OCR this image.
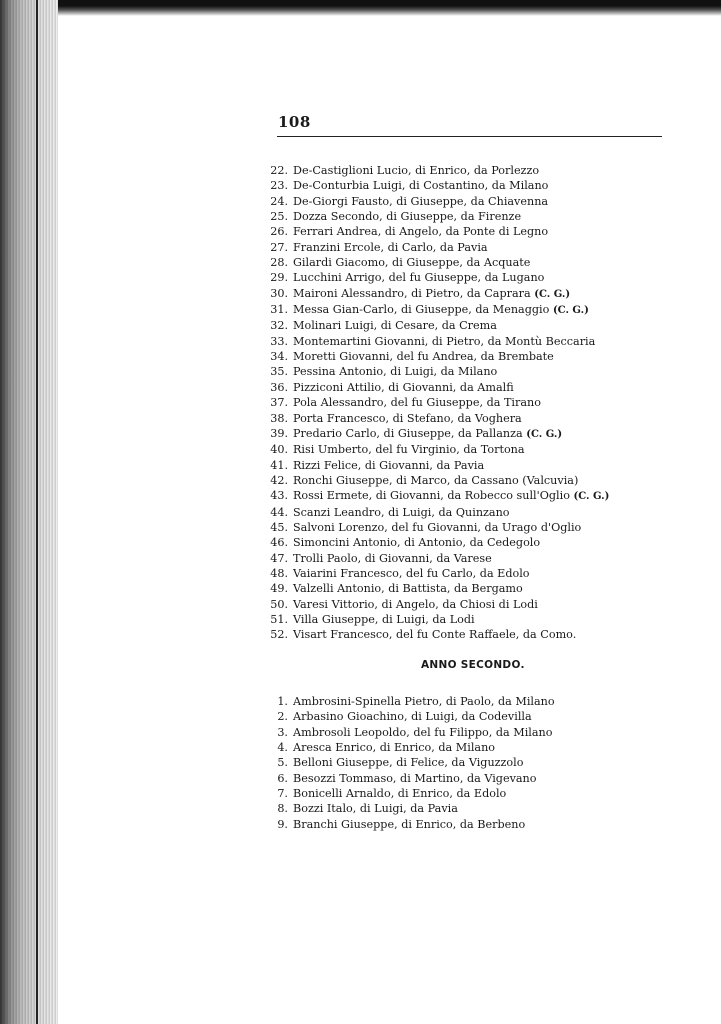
108
22. De-Castiglioni Lucio, di Enrico, da Porlezzo
23. De-Conturbia Luigi, di Costantino, da Milano
24. De-Giorgi Fausto, di Giuseppe, da Chiavenna
25. Dozza Secondo, di Giuseppe, da Firenze
26. Ferrari Andrea, di Angelo, da Ponte di Legno
27. Franzini Ercole, di Carlo, da Pavia
28. Gilardi Giacomo, di Giuseppe, da Acquate
29. Lucchini Arrigo, del fu Giuseppe, da Lugano
30. Maironi Alessandro, di Pietro, da Caprara (C. G.)
31. Messa Gian-Carlo, di Giuseppe, da Menaggio (C. G.)
32. Molinari Luigi, di Cesare, da Crema
33. Montemartini Giovanni, di Pietro, da Montù Beccaria
34. Moretti Giovanni, del fu Andrea, da Brembate
35. Pessina Antonio, di Luigi, da Milano
36. Pizziconi Attilio, di Giovanni, da Amalfi
37. Pola Alessandro, del fu Giuseppe, da Tirano
38. Porta Francesco, di Stefano, da Voghera
39. Predario Carlo, di Giuseppe, da Pallanza (C. G.)
40. Risi Umberto, del fu Virginio, da Tortona
41. Rizzi Felice, di Giovanni, da Pavia
42. Ronchi Giuseppe, di Marco, da Cassano (Valcuvia)
43. Rossi Ermete, di Giovanni, da Robecco sull'Oglio (C. G.)
44. Scanzi Leandro, di Luigi, da Quinzano
45. Salvoni Lorenzo, del fu Giovanni, da Urago d'Oglio
46. Simoncini Antonio, di Antonio, da Cedegolo
47. Trolli Paolo, di Giovanni, da Varese
48. Vaiarini Francesco, del fu Carlo, da Edolo
49. Valzelli Antonio, di Battista, da Bergamo
50. Varesi Vittorio, di Angelo, da Chiosi di Lodi
51. Villa Giuseppe, di Luigi, da Lodi
52. Visart Francesco, del fu Conte Raffaele, da Como.
ANNO SECONDO.
1. Ambrosini-Spinella Pietro, di Paolo, da Milano
2. Arbasino Gioachino, di Luigi, da Codevilla
3. Ambrosoli Leopoldo, del fu Filippo, da Milano
4. Aresca Enrico, di Enrico, da Milano
5. Belloni Giuseppe, di Felice, da Viguzzolo
6. Besozzi Tommaso, di Martino, da Vigevano
7. Bonicelli Arnaldo, di Enrico, da Edolo
8. Bozzi Italo, di Luigi, da Pavia
9. Branchi Giuseppe, di Enrico, da Berbeno
